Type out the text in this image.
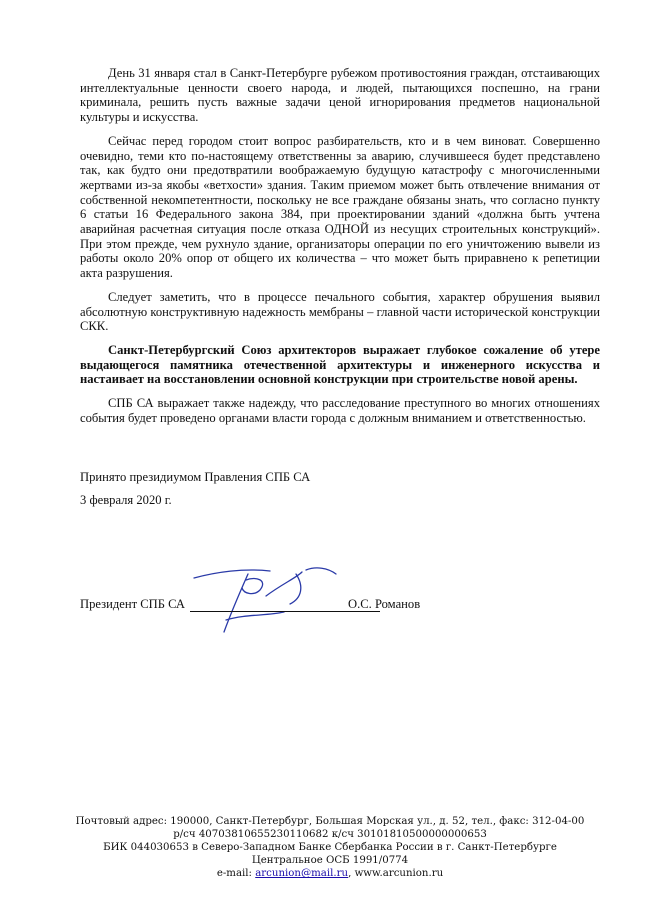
День 31 января стал в Санкт-Петербурге рубежом противостояния граждан, отстаивающих интеллектуальные ценности своего народа, и людей, пытающихся поспешно, на грани криминала, решить пусть важные задачи ценой игнорирования предметов национальной культуры и искусства.

Сейчас перед городом стоит вопрос разбирательств, кто и в чем виноват. Совершенно очевидно, теми кто по-настоящему ответственны за аварию, случившееся будет представлено так, как будто они предотвратили воображаемую будущую катастрофу с многочисленными жертвами из-за якобы «ветхости» здания. Таким приемом может быть отвлечение внимания от собственной некомпетентности, поскольку не все граждане обязаны знать, что согласно пункту 6 статьи 16 Федерального закона 384, при проектировании зданий «должна быть учтена аварийная расчетная ситуация после отказа ОДНОЙ из несущих строительных конструкций». При этом прежде, чем рухнуло здание, организаторы операции по его уничтожению вывели из работы около 20% опор от общего их количества – что может быть приравнено к репетиции акта разрушения.

Следует заметить, что в процессе печального события, характер обрушения выявил абсолютную конструктивную надежность мембраны – главной части исторической конструкции СКК.

Санкт-Петербургский Союз архитекторов выражает глубокое сожаление об утере выдающегося памятника отечественной архитектуры и инженерного искусства и настаивает на восстановлении основной конструкции при строительстве новой арены.

СПБ СА выражает также надежду, что расследование преступного во многих отношениях события будет проведено органами власти города с должным вниманием и ответственностью.

Принято президиумом Правления СПБ СА
3 февраля 2020 г.
Президент СПБ СА	О.С. Романов
Почтовый адрес: 190000, Санкт-Петербург, Большая Морская ул., д. 52, тел., факс: 312-04-00
р/сч 40703810655230110682 к/сч 30101810500000000653
БИК 044030653 в Северо-Западном Банке Сбербанка России в г. Санкт-Петербурге
Центральное ОСБ 1991/0774
e-mail: arcunion@mail.ru, www.arcunion.ru
